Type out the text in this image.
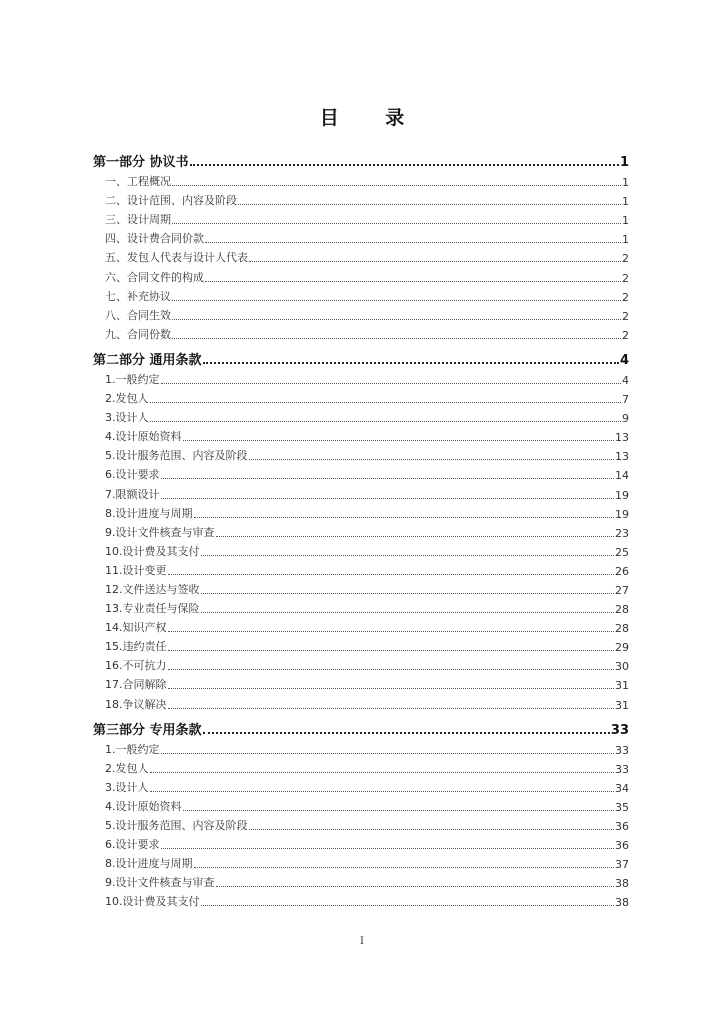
目 录
第一部分 协议书	1
一、工程概况	1
二、设计范围、内容及阶段	1
三、设计周期	1
四、设计费合同价款	1
五、发包人代表与设计人代表	2
六、合同文件的构成	2
七、补充协议	2
八、合同生效	2
九、合同份数	2
第二部分 通用条款	4
1.一般约定	4
2.发包人	7
3.设计人	9
4.设计原始资料	13
5.设计服务范围、内容及阶段	13
6.设计要求	14
7.限额设计	19
8.设计进度与周期	19
9.设计文件核查与审查	23
10.设计费及其支付	25
11.设计变更	26
12.文件送达与签收	27
13.专业责任与保险	28
14.知识产权	28
15.违约责任	29
16.不可抗力	30
17.合同解除	31
18.争议解决	31
第三部分 专用条款	33
1.一般约定	33
2.发包人	33
3.设计人	34
4.设计原始资料	35
5.设计服务范围、内容及阶段	36
6.设计要求	36
8.设计进度与周期	37
9.设计文件核查与审查	38
10.设计费及其支付	38
I
